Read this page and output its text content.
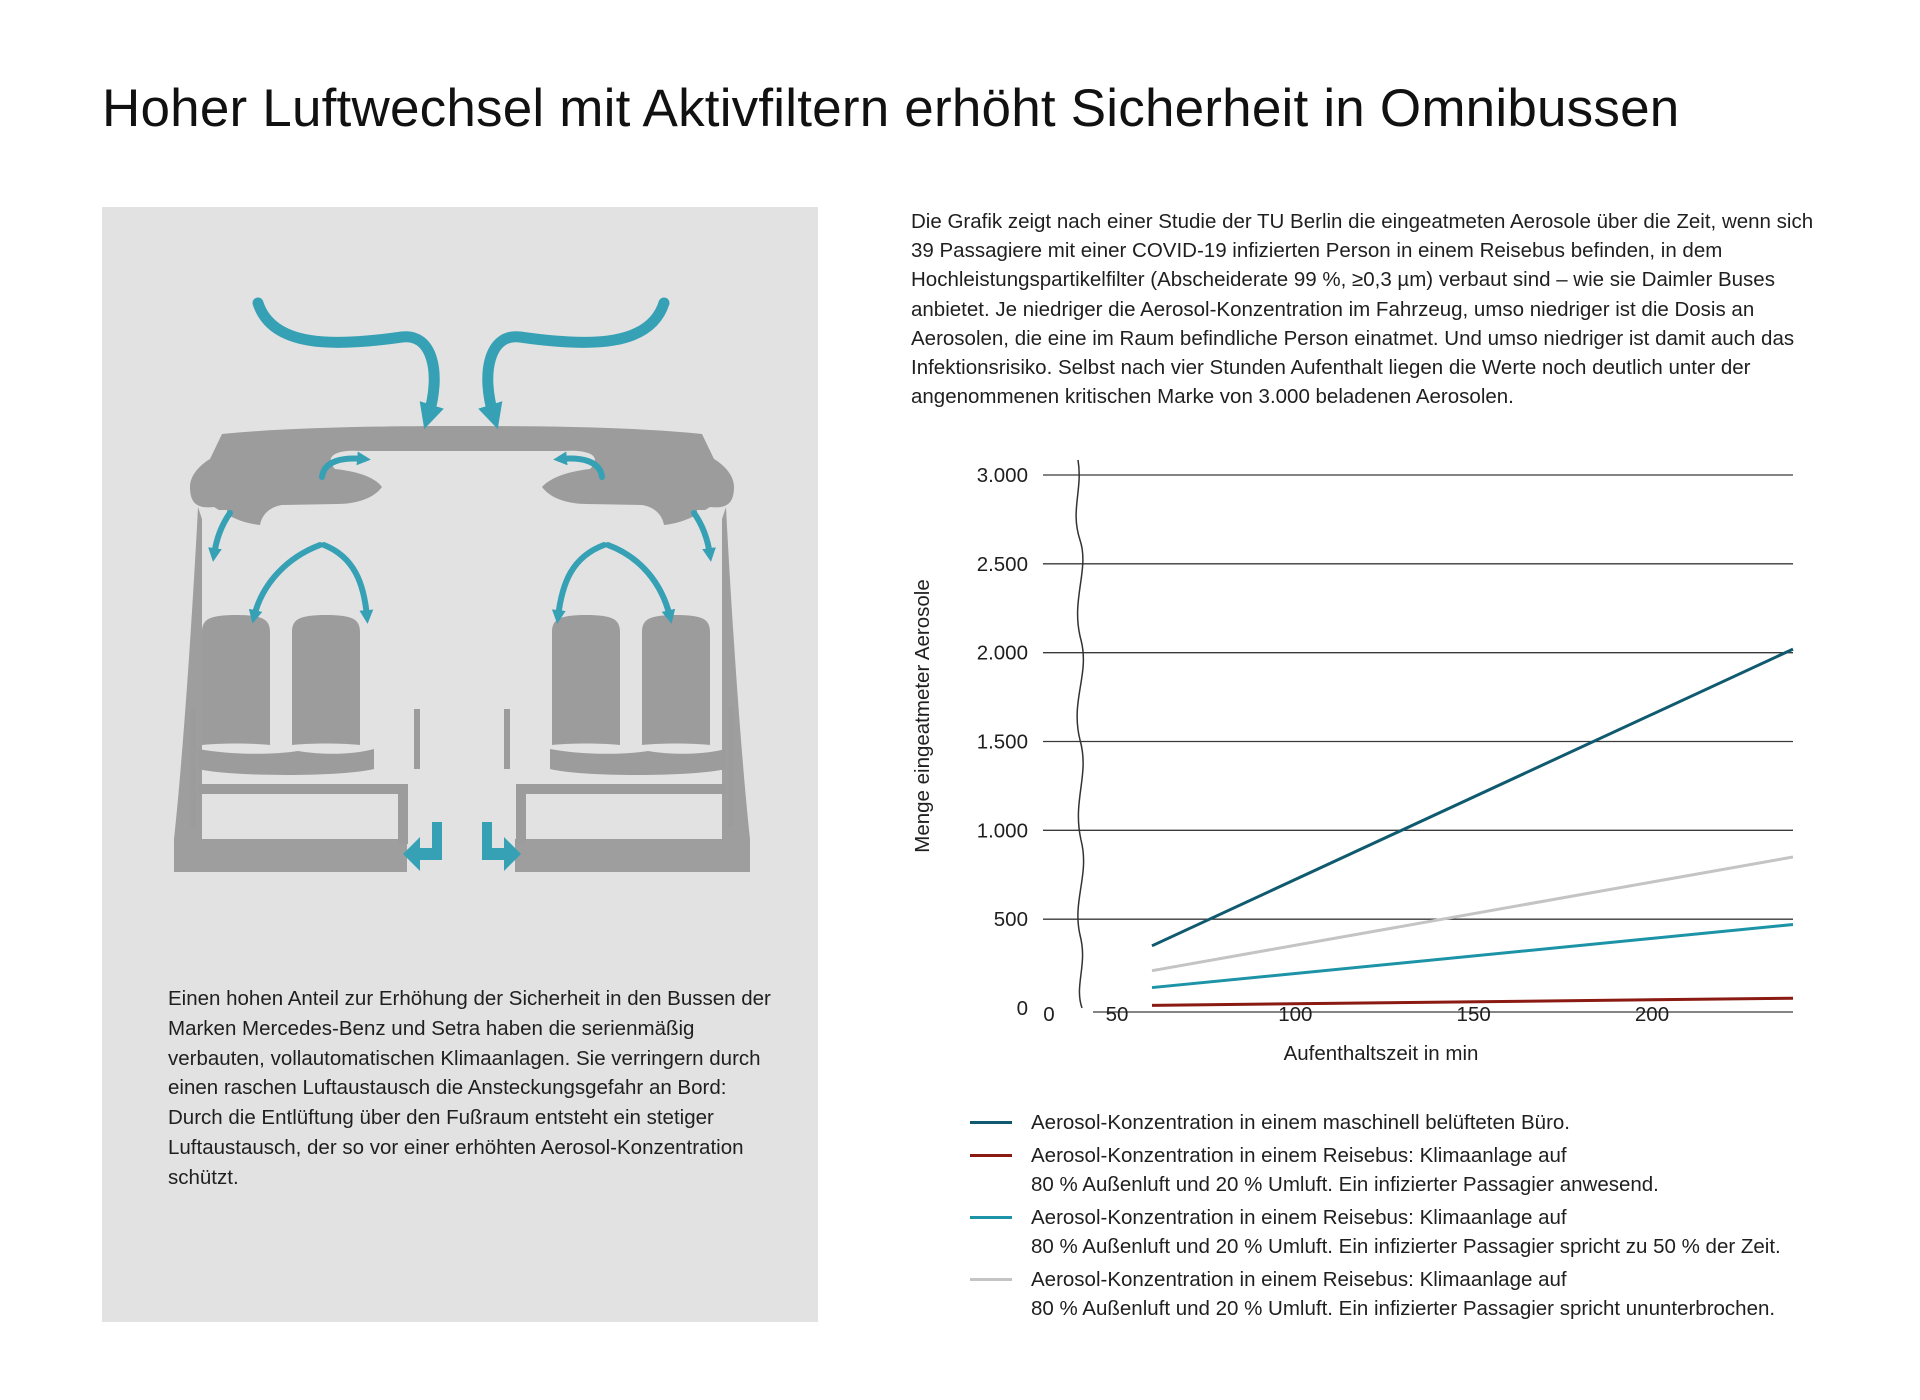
Hoher Luftwechsel mit Aktivfiltern erhöht Sicherheit in Omnibussen

Einen hohen Anteil zur Erhöhung der Sicherheit in den Bussen der Marken Mercedes-Benz und Setra haben die serienmäßig verbauten, vollautomatischen Klimaanlagen. Sie verringern durch einen raschen Luftaustausch die Ansteckungsgefahr an Bord: Durch die Entlüftung über den Fußraum entsteht ein stetiger Luftaustausch, der so vor einer erhöhten Aerosol-Konzentration schützt.

Die Grafik zeigt nach einer Studie der TU Berlin die eingeatmeten Aerosole über die Zeit, wenn sich 39 Passagiere mit einer COVID-19 infizierten Person in einem Reisebus befinden, in dem Hochleistungspartikelfilter (Abscheiderate 99 %, ≥0,3 µm) verbaut sind – wie sie Daimler Buses anbietet. Je niedriger die Aerosol-Konzentration im Fahrzeug, umso niedriger ist die Dosis an Aerosolen, die eine im Raum befindliche Person einatmet. Und umso niedriger ist damit auch das Infektionsrisiko. Selbst nach vier Stunden Aufenthalt liegen die Werte noch deutlich unter der angenommenen kritischen Marke von 3.000 beladenen Aerosolen.

0
500
1.000
1.500
2.000
2.500
3.000
0 50	100	150	200
Menge eingeatmeter Aerosole
Aufenthaltszeit in min
Aerosol-Konzentration in einem maschinell belüfteten Büro.
Aerosol-Konzentration in einem Reisebus: Klimaanlage auf
80 % Außenluft und 20 % Umluft. Ein infizierter Passagier anwesend.
Aerosol-Konzentration in einem Reisebus: Klimaanlage auf
80 % Außenluft und 20 % Umluft. Ein infizierter Passagier spricht zu 50 % der Zeit.
Aerosol-Konzentration in einem Reisebus: Klimaanlage auf
80 % Außenluft und 20 % Umluft. Ein infizierter Passagier spricht ununterbrochen.
